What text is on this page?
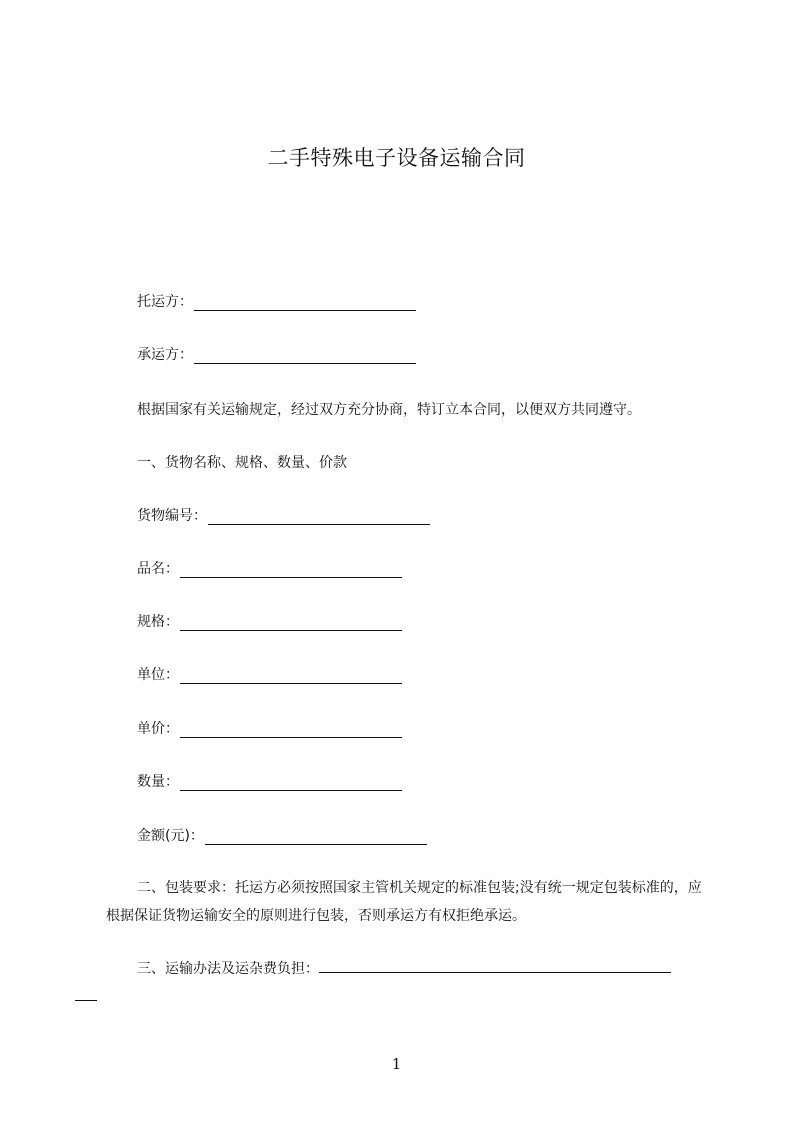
二手特殊电子设备运输合同
托运方：
承运方：
根据国家有关运输规定，经过双方充分协商，特订立本合同，以便双方共同遵守。
一、货物名称、规格、数量、价款
货物编号：
品名：
规格：
单位：
单价：
数量：
金额(元)：
二、包装要求：托运方必须按照国家主管机关规定的标准包装;没有统一规定包装标准的，应根据保证货物运输安全的原则进行包装，否则承运方有权拒绝承运。
三、运输办法及运杂费负担：

1
